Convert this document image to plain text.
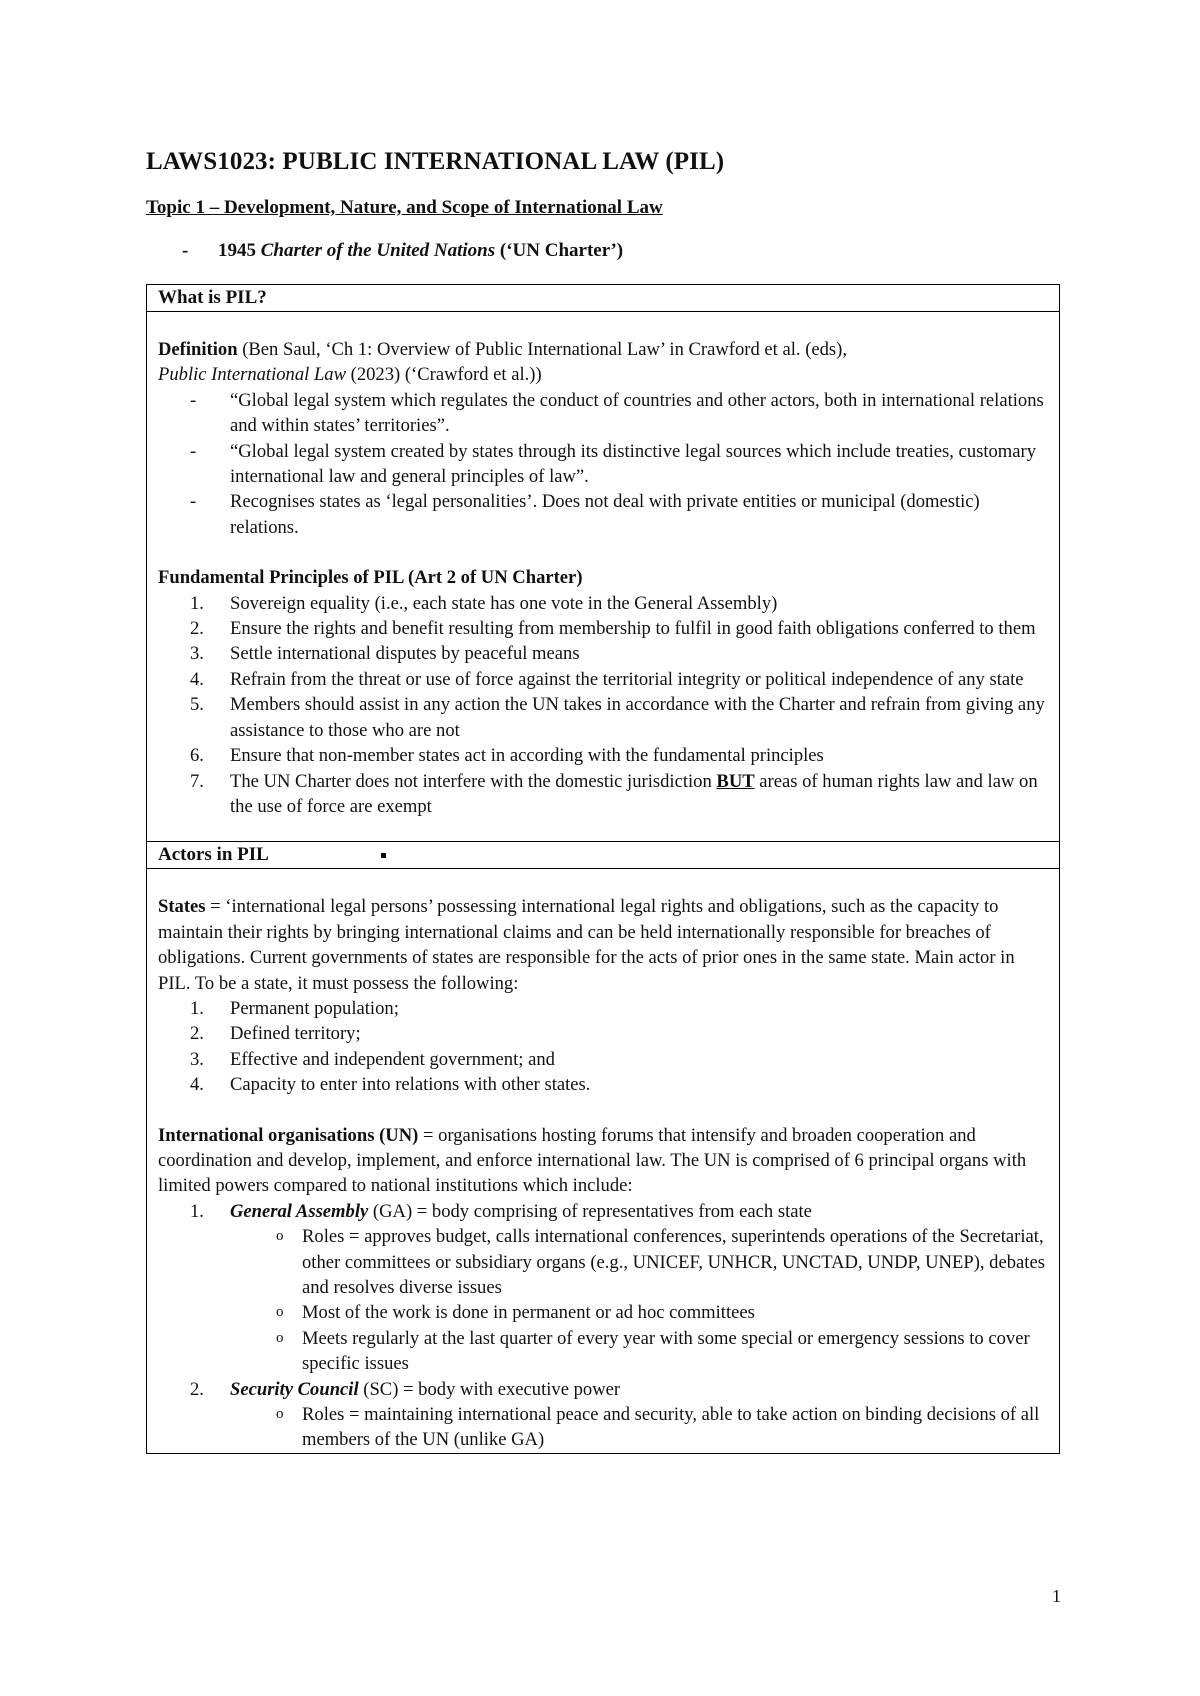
LAWS1023: PUBLIC INTERNATIONAL LAW (PIL)
Topic 1 – Development, Nature, and Scope of International Law

- 1945 Charter of the United Nations (‘UN Charter’)

What is PIL?

Definition (Ben Saul, ‘Ch 1: Overview of Public International Law’ in Crawford et al. (eds),
Public International Law (2023) (‘Crawford et al.))

- “Global legal system which regulates the conduct of countries and other actors, both in international relations and within states’ territories”.
- “Global legal system created by states through its distinctive legal sources which include treaties, customary international law and general principles of law”.
- Recognises states as ‘legal personalities’. Does not deal with private entities or municipal (domestic) relations.

Fundamental Principles of PIL (Art 2 of UN Charter)

1. Sovereign equality (i.e., each state has one vote in the General Assembly)
2. Ensure the rights and benefit resulting from membership to fulfil in good faith obligations conferred to them
3. Settle international disputes by peaceful means
4. Refrain from the threat or use of force against the territorial integrity or political independence of any state
5. Members should assist in any action the UN takes in accordance with the Charter and refrain from giving any assistance to those who are not
6. Ensure that non-member states act in according with the fundamental principles
7. The UN Charter does not interfere with the domestic jurisdiction BUT areas of human rights law and law on the use of force are exempt

Actors in PIL

States = ‘international legal persons’ possessing international legal rights and obligations, such as the capacity to maintain their rights by bringing international claims and can be held internationally responsible for breaches of obligations. Current governments of states are responsible for the acts of prior ones in the same state. Main actor in PIL. To be a state, it must possess the following:

1. Permanent population;
2. Defined territory;
3. Effective and independent government; and
4. Capacity to enter into relations with other states.

International organisations (UN) = organisations hosting forums that intensify and broaden cooperation and coordination and develop, implement, and enforce international law. The UN is comprised of 6 principal organs with limited powers compared to national institutions which include:

1. General Assembly (GA) = body comprising of representatives from each state
o Roles = approves budget, calls international conferences, superintends operations of the Secretariat, other committees or subsidiary organs (e.g., UNICEF, UNHCR, UNCTAD, UNDP, UNEP), debates and resolves diverse issues
o Most of the work is done in permanent or ad hoc committees
o Meets regularly at the last quarter of every year with some special or emergency sessions to cover specific issues
2. Security Council (SC) = body with executive power
o Roles = maintaining international peace and security, able to take action on binding decisions of all members of the UN (unlike GA)
1
